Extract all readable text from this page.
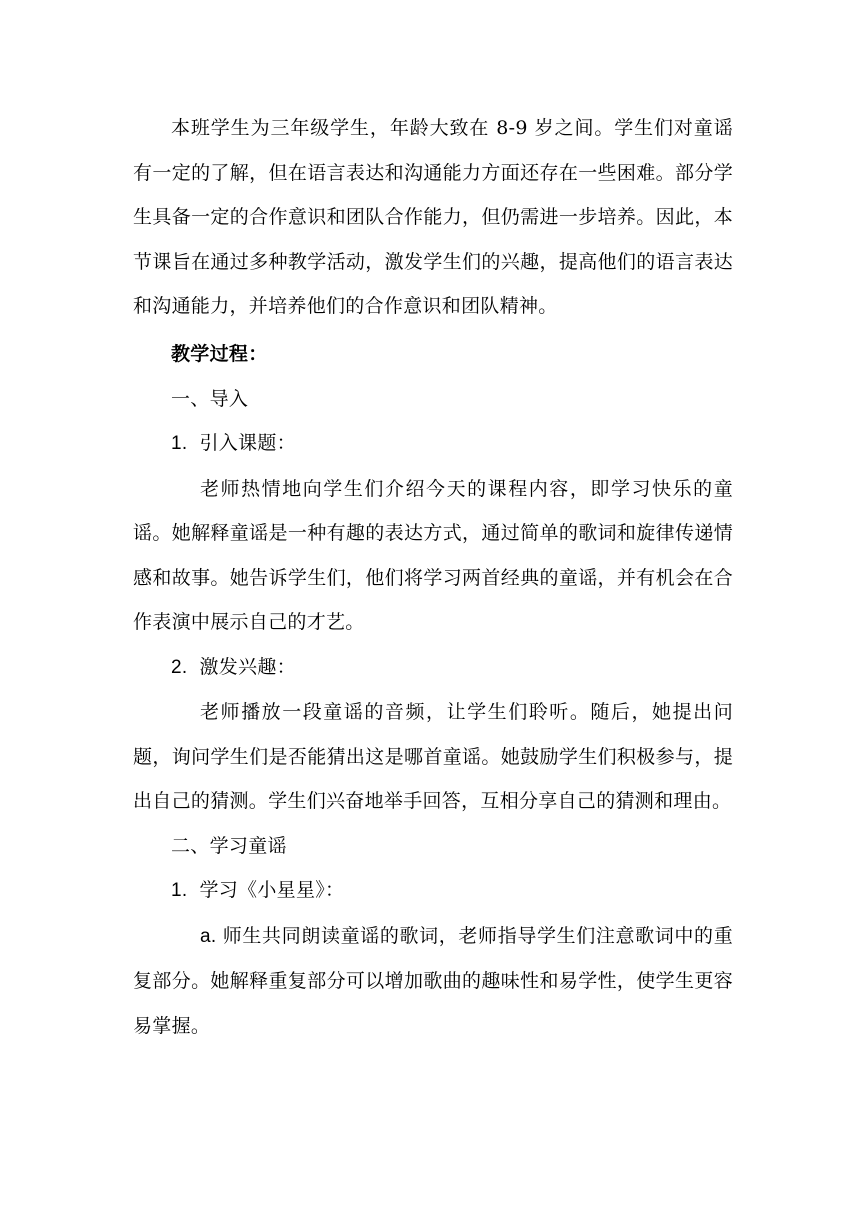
本班学生为三年级学生，年龄大致在 8-9 岁之间。学生们对童谣有一定的了解，但在语言表达和沟通能力方面还存在一些困难。部分学生具备一定的合作意识和团队合作能力，但仍需进一步培养。因此，本节课旨在通过多种教学活动，激发学生们的兴趣，提高他们的语言表达和沟通能力，并培养他们的合作意识和团队精神。

教学过程：

一、导入

1. 引入课题：

老师热情地向学生们介绍今天的课程内容，即学习快乐的童谣。她解释童谣是一种有趣的表达方式，通过简单的歌词和旋律传递情感和故事。她告诉学生们，他们将学习两首经典的童谣，并有机会在合作表演中展示自己的才艺。

2. 激发兴趣：

老师播放一段童谣的音频，让学生们聆听。随后，她提出问题，询问学生们是否能猜出这是哪首童谣。她鼓励学生们积极参与，提出自己的猜测。学生们兴奋地举手回答，互相分享自己的猜测和理由。

二、学习童谣

1. 学习《小星星》：

a. 师生共同朗读童谣的歌词，老师指导学生们注意歌词中的重复部分。她解释重复部分可以增加歌曲的趣味性和易学性，使学生更容易掌握。
